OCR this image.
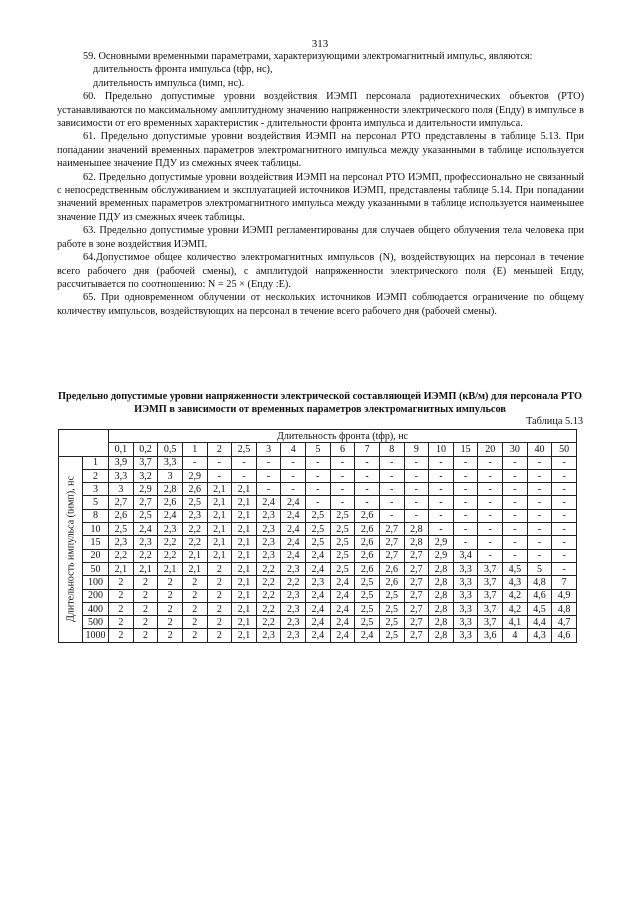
313

59. Основными временными параметрами, характеризующими электромагнитный импульс, являются:

длительность фронта импульса (tфр, нс),

длительность импульса (tимп, нс).

60. Предельно допустимые уровни воздействия ИЭМП персонала радиотехнических объектов (РТО) устанавливаются по максимальному амплитудному значению напряженности электрического поля (Eпду) в импульсе в зависимости от его временных характеристик - длительности фронта импульса и длительности импульса.

61. Предельно допустимые уровни воздействия ИЭМП на персонал РТО представлены в таблице 5.13. При попадании значений временных параметров электромагнитного импульса между указанными в таблице используется наименьшее значение ПДУ из смежных ячеек таблицы.

62. Предельно допустимые уровни воздействия ИЭМП на персонал РТО ИЭМП, профессионально не связанный с непосредственным обслуживанием и эксплуатацией источников ИЭМП, представлены таблице 5.14. При попадании значений временных параметров электромагнитного импульса между указанными в таблице используется наименьшее значение ПДУ из смежных ячеек таблицы.

63. Предельно допустимые уровни ИЭМП регламентированы для случаев общего облучения тела человека при работе в зоне воздействия ИЭМП.

64.Допустимое общее количество электромагнитных импульсов (N), воздействующих на персонал в течение всего рабочего дня (рабочей смены), с амплитудой напряженности электрического поля (E) меньшей Eпду, рассчитывается по соотношению: N = 25 × (Eпду :E).

65. При одновременном облучении от нескольких источников ИЭМП соблюдается ограничение по общему количеству импульсов, воздействующих на персонал в течение всего рабочего дня (рабочей смены).

Предельно допустимые уровни напряженности электрической составляющей ИЭМП (кВ/м) для персонала РТО ИЭМП в зависимости от временных параметров электромагнитных импульсов
Таблица 5.13
		Длительность фронта (tфр), нс																		
		0,1	0,2	0,5	1	2	2,5	3	4	5	6	7	8	9	10	15	20	30	40	50

Длительность импульса (tимп), нс	1	3,9	3,7	3,3	-	-	-	-	-	-	-	-	-	-	-	-	-	-	-	-
	2	3,3	3,2	3	2,9	-	-	-	-	-	-	-	-	-	-	-	-	-	-	-
	3	3	2,9	2,8	2,6	2,1	2,1	-	-	-	-	-	-	-	-	-	-	-	-	-
	5	2,7	2,7	2,6	2,5	2,1	2,1	2,4	2,4	-	-	-	-	-	-	-	-	-	-	-
	8	2,6	2,5	2,4	2,3	2,1	2,1	2,3	2,4	2,5	2,5	2,6	-	-	-	-	-	-	-	-
	10	2,5	2,4	2,3	2,2	2,1	2,1	2,3	2,4	2,5	2,5	2,6	2,7	2,8	-	-	-	-	-	-
	15	2,3	2,3	2,2	2,2	2,1	2,1	2,3	2,4	2,5	2,5	2,6	2,7	2,8	2,9	-	-	-	-	-
	20	2,2	2,2	2,2	2,1	2,1	2,1	2,3	2,4	2,4	2,5	2,6	2,7	2,7	2,9	3,4	-	-	-	-
	50	2,1	2,1	2,1	2,1	2	2,1	2,2	2,3	2,4	2,5	2,6	2,6	2,7	2,8	3,3	3,7	4,5	5	-
	100	2	2	2	2	2	2,1	2,2	2,2	2,3	2,4	2,5	2,6	2,7	2,8	3,3	3,7	4,3	4,8	7
	200	2	2	2	2	2	2,1	2,2	2,3	2,4	2,4	2,5	2,5	2,7	2,8	3,3	3,7	4,2	4,6	4,9
	400	2	2	2	2	2	2,1	2,2	2,3	2,4	2,4	2,5	2,5	2,7	2,8	3,3	3,7	4,2	4,5	4,8
	500	2	2	2	2	2	2,1	2,2	2,3	2,4	2,4	2,5	2,5	2,7	2,8	3,3	3,7	4,1	4,4	4,7
	1000	2	2	2	2	2	2,1	2,3	2,3	2,4	2,4	2,4	2,5	2,7	2,8	3,3	3,6	4	4,3	4,6
